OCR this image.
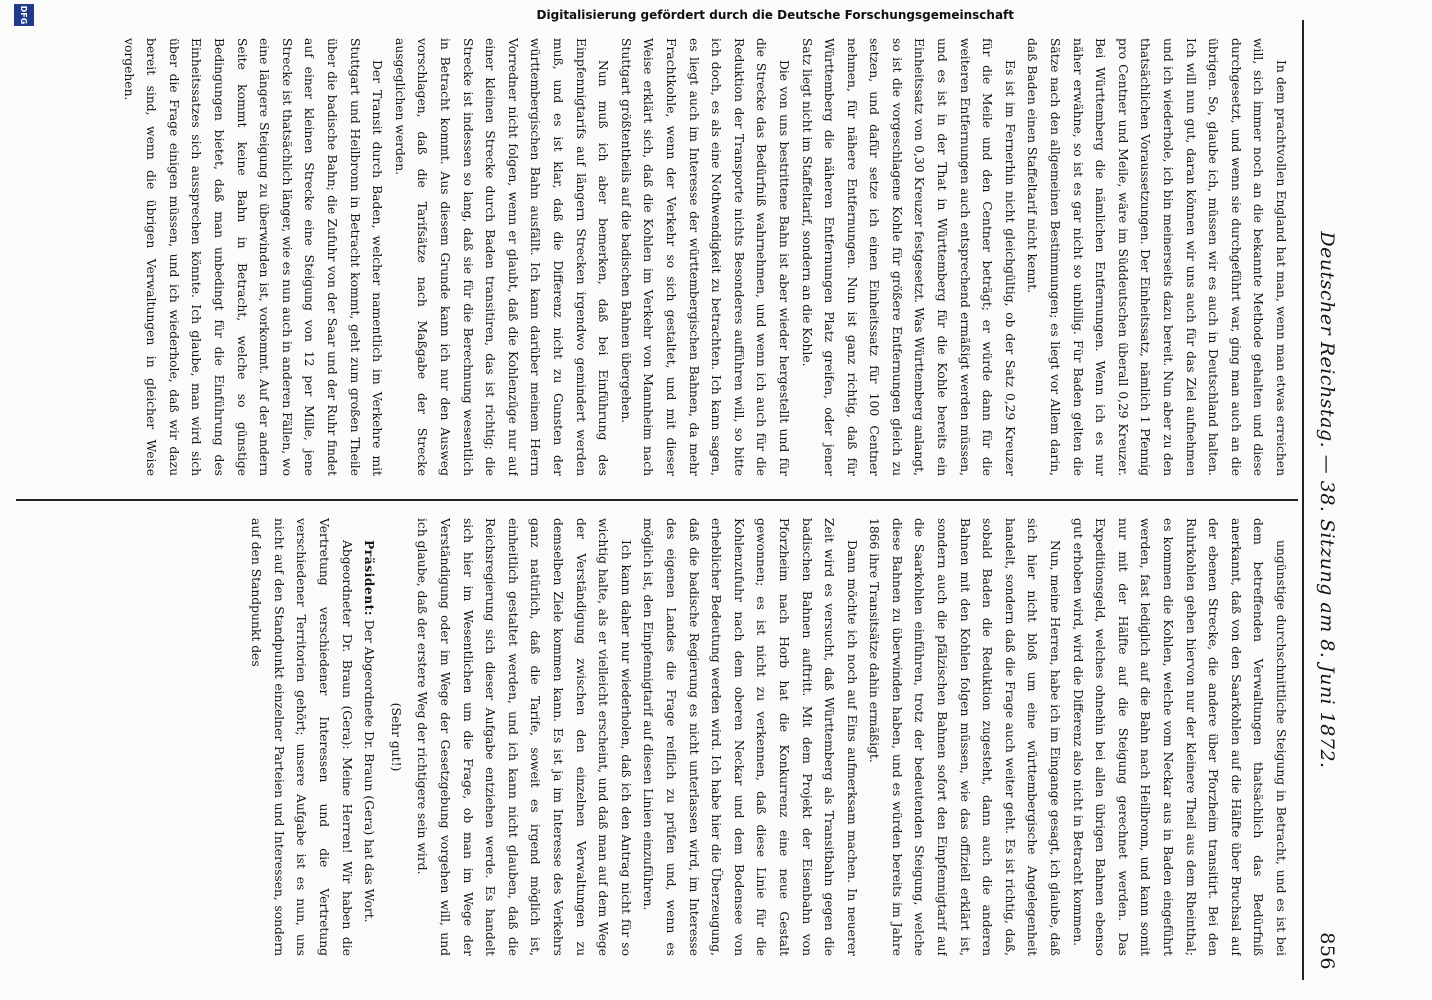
Deutscher Reichstag. — 38. Sitzung am 8. Juni 1872.
856

In dem prachtvollen England hat man, wenn man etwas erreichen will, sich immer noch an die bekannte Methode gehalten und diese durchgesetzt, und wenn sie durchgeführt war, ging man auch an die übrigen. So, glaube ich, müssen wir es auch in Deutschland halten. Ich will nun gut, daran können wir uns auch für das Ziel aufnehmen und ich wiederhole, ich bin meinerseits dazu bereit. Nun aber zu den thatsächlichen Voraussetzungen. Der Einheitssatz, nämlich 1 Pfennig pro Centner und Meile, wäre im Süddeutschen überall 0,29 Kreuzer. Bei Württemberg die nämlichen Entfernungen. Wenn ich es nur näher erwähne, so ist es gar nicht so unbillig. Für Baden gelten die Sätze nach den allgemeinen Bestimmungen; es liegt vor Allem darin, daß Baden einen Staffeltarif nicht kennt.

Es ist im Fernerhin nicht gleichgültig, ob der Satz 0,29 Kreuzer für die Meile und den Centner beträgt; er würde dann für die weiteren Entfernungen auch entsprechend ermäßigt werden müssen, und es ist in der That in Württemberg für die Kohle bereits ein Einheitssatz von 0,30 Kreuzer festgesetzt. Was Württemberg anlangt, so ist die vorgeschlagene Kohle für größere Entfernungen gleich zu setzen, und dafür setze ich einen Einheitssatz für 100 Centner nehmen, für nähere Entfernungen. Nun ist ganz richtig, daß für Württemberg die näheren Entfernungen Platz greifen, oder jener Satz liegt nicht im Staffeltarif, sondern an die Kohle.

Die von uns bestrittene Bahn ist aber wieder hergestellt und für die Strecke das Bedürfniß wahrnehmen, und wenn ich auch für die Reduktion der Transporte nichts Besonderes aufführen will, so bitte ich doch, es als eine Nothwendigkeit zu betrachten. Ich kann sagen, es liegt auch im Interesse der württembergischen Bahnen, da mehr Frachtkohle, wenn der Verkehr so sich gestaltet, und mit dieser Weise erklärt sich, daß die Kohlen im Verkehr von Mannheim nach Stuttgart größtentheils auf die badischen Bahnen übergehen.

Nun muß ich aber bemerken, daß bei Einführung des Einpfennigtarifs auf längern Strecken irgendwo gemindert werden muß, und es ist klar, daß die Differenz nicht zu Gunsten der württembergischen Bahn ausfällt. Ich kann darüber meinem Herrn Vorredner nicht folgen, wenn er glaubt, daß die Kohlenzüge nur auf einer kleinen Strecke durch Baden transitiren, das ist richtig; die Strecke ist indessen so lang, daß sie für die Berechnung wesentlich in Betracht kommt. Aus diesem Grunde kann ich nur den Ausweg vorschlagen, daß die Tarifsätze nach Maßgabe der Strecke ausgeglichen werden.

Der Transit durch Baden, welcher namentlich im Verkehre mit Stuttgart und Heilbronn in Betracht kommt, geht zum großen Theile über die badische Bahn; die Zufuhr von der Saar und der Ruhr findet auf einer kleinen Strecke eine Steigung von 12 per Mille, jene Strecke ist thatsächlich länger, wie es nun auch in anderen Fällen, wo eine längere Steigung zu überwinden ist, vorkommt. Auf der andern Seite kommt keine Bahn in Betracht, welche so günstige Bedingungen bietet, daß man unbedingt für die Einführung des Einheitssatzes sich aussprechen könnte. Ich glaube, man wird sich über die Frage einigen müssen, und ich wiederhole, daß wir dazu bereit sind, wenn die übrigen Verwaltungen in gleicher Weise vorgehen.

ungünstige durchschnittliche Steigung in Betracht, und es ist bei dem betreffenden Verwaltungen thatsächlich das Bedürfniß anerkannt, daß von den Saarkohlen auf die Hälfte über Bruchsal auf der ebenen Strecke, die andere über Pforzheim transitirt. Bei den Ruhrkohlen gehen hiervon nur der kleinere Theil aus dem Rheinthal; es kommen die Kohlen, welche vom Neckar aus in Baden eingeführt werden, fast lediglich auf die Bahn nach Heilbronn, und kann somit nur mit der Hälfte auf die Steigung gerechnet werden. Das Expeditionsgeld, welches ohnehin bei allen übrigen Bahnen ebenso gut erhoben wird, wird die Differenz also nicht in Betracht kommen.

Nun, meine Herren, habe ich im Eingange gesagt, ich glaube, daß sich hier nicht bloß um eine württembergische Angelegenheit handelt, sondern daß die Frage auch weiter geht. Es ist richtig, daß, sobald Baden die Reduktion zugesteht, dann auch die anderen Bahnen mit den Kohlen folgen müssen, wie das offiziell erklärt ist, sondern auch die pfälzischen Bahnen sofort den Einpfennigtarif auf die Saarkohlen einführen, trotz der bedeutenden Steigung, welche diese Bahnen zu überwinden haben, und es würden bereits im Jahre 1866 ihre Transitsätze dahin ermäßigt.

Dann möchte ich noch auf Eins aufmerksam machen. In neuerer Zeit wird es versucht, daß Württemberg als Transitbahn gegen die badischen Bahnen auftritt. Mit dem Projekt der Eisenbahn von Pforzheim nach Horb hat die Konkurrenz eine neue Gestalt gewonnen; es ist nicht zu verkennen, daß diese Linie für die Kohlenzufuhr nach dem oberen Neckar und dem Bodensee von erheblicher Bedeutung werden wird. Ich habe hier die Überzeugung, daß die badische Regierung es nicht unterlassen wird, im Interesse des eigenen Landes die Frage reiflich zu prüfen und, wenn es möglich ist, den Einpfennigtarif auf diesen Linien einzuführen.

Ich kann daher nur wiederholen, daß ich den Antrag nicht für so wichtig halte, als er vielleicht erscheint, und daß man auf dem Wege der Verständigung zwischen den einzelnen Verwaltungen zu demselben Ziele kommen kann. Es ist ja im Interesse des Verkehrs ganz natürlich, daß die Tarife, soweit es irgend möglich ist, einheitlich gestaltet werden, und ich kann nicht glauben, daß die Reichsregierung sich dieser Aufgabe entziehen werde. Es handelt sich hier im Wesentlichen um die Frage, ob man im Wege der Verständigung oder im Wege der Gesetzgebung vorgehen will, und ich glaube, daß der erstere Weg der richtigere sein wird.

(Sehr gut!)

Präsident: Der Abgeordnete Dr. Braun (Gera) hat das Wort.

Abgeordneter Dr. Braun (Gera): Meine Herren! Wir haben die Vertretung verschiedener Interessen und die Vertretung verschiedener Territorien gehört; unsere Aufgabe ist es nun, uns nicht auf den Standpunkt einzelner Parteien und Interessen, sondern auf den Standpunkt des

Digitalisierung gefördert durch die Deutsche Forschungsgemeinschaft
DFG
